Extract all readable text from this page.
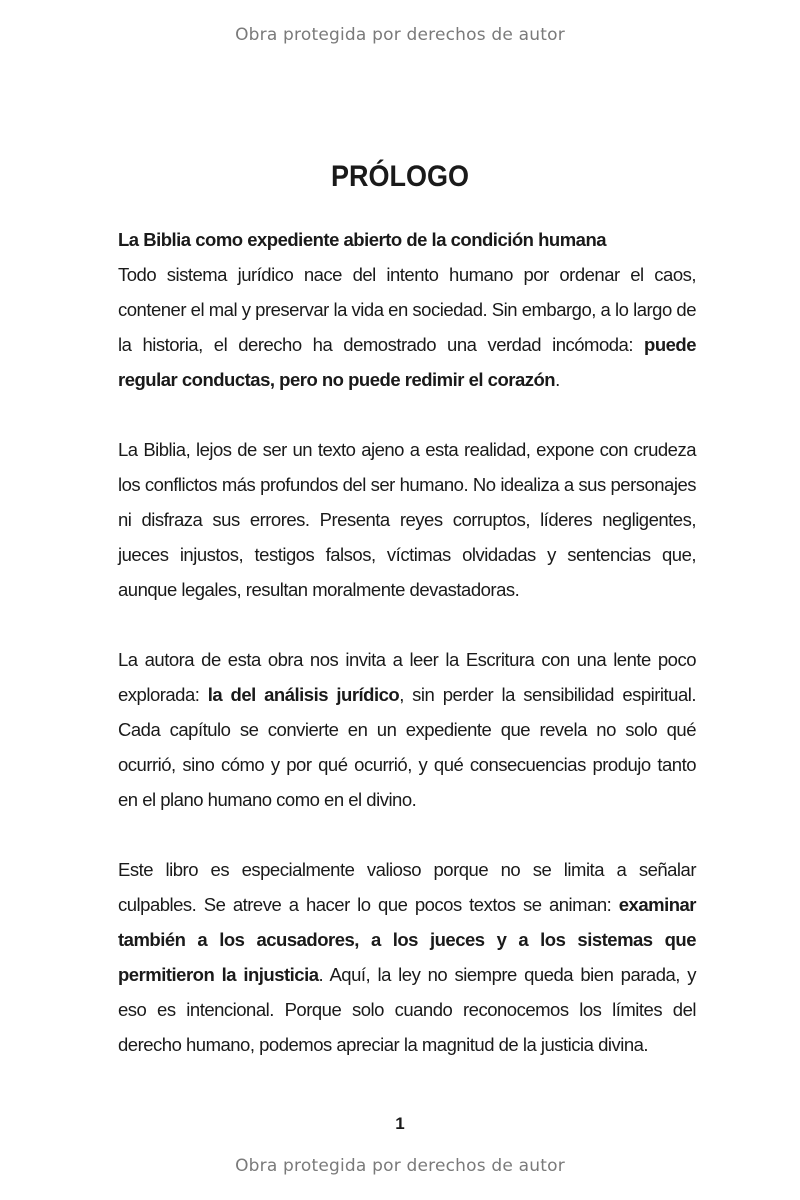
Obra protegida por derechos de autor
PRÓLOGO

La Biblia como expediente abierto de la condición humana

Todo sistema jurídico nace del intento humano por ordenar el caos, contener el mal y preservar la vida en sociedad. Sin embargo, a lo largo de la historia, el derecho ha demostrado una verdad incómoda: puede regular conductas, pero no puede redimir el corazón.

La Biblia, lejos de ser un texto ajeno a esta realidad, expone con crudeza los conflictos más profundos del ser humano. No idealiza a sus personajes ni disfraza sus errores. Presenta reyes corruptos, líderes negligentes, jueces injustos, testigos falsos, víctimas olvidadas y sentencias que, aunque legales, resultan moralmente devastadoras.

La autora de esta obra nos invita a leer la Escritura con una lente poco explorada: la del análisis jurídico, sin perder la sensibilidad espiritual. Cada capítulo se convierte en un expediente que revela no solo qué ocurrió, sino cómo y por qué ocurrió, y qué consecuencias produjo tanto en el plano humano como en el divino.

Este libro es especialmente valioso porque no se limita a señalar culpables. Se atreve a hacer lo que pocos textos se animan: examinar también a los acusadores, a los jueces y a los sistemas que permitieron la injusticia. Aquí, la ley no siempre queda bien parada, y eso es intencional. Porque solo cuando reconocemos los límites del derecho humano, podemos apreciar la magnitud de la justicia divina.

1
Obra protegida por derechos de autor
